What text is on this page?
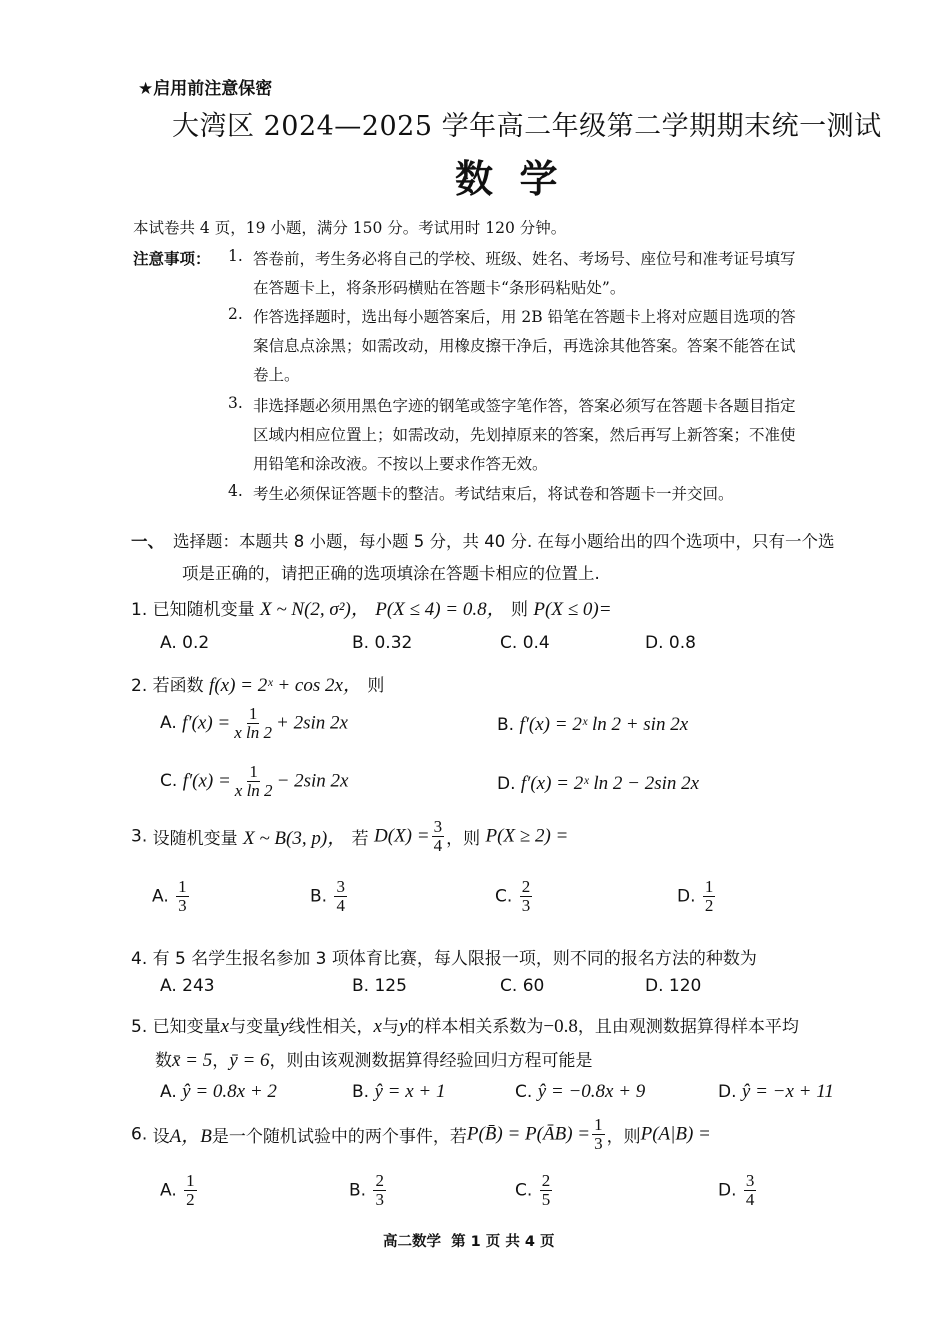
★启用前注意保密
大湾区 2024—2025 学年高二年级第二学期期末统一测试
数  学
本试卷共 4 页，19 小题，满分 150 分。考试用时 120 分钟。
注意事项： 1. 答卷前，考生务必将自己的学校、班级、姓名、考场号、座位号和准考证号填写
在答题卡上，将条形码横贴在答题卡“条形码粘贴处”。
2. 作答选择题时，选出每小题答案后，用 2B 铅笔在答题卡上将对应题目选项的答
案信息点涂黑；如需改动，用橡皮擦干净后，再选涂其他答案。答案不能答在试
卷上。
3. 非选择题必须用黑色字迹的钢笔或签字笔作答，答案必须写在答题卡各题目指定
区域内相应位置上；如需改动，先划掉原来的答案，然后再写上新答案；不准使
用铅笔和涂改液。不按以上要求作答无效。
4. 考生必须保证答题卡的整洁。考试结束后，将试卷和答题卡一并交回。
一、 选择题：本题共 8 小题，每小题 5 分，共 40 分. 在每小题给出的四个选项中，只有一个选
项是正确的，请把正确的选项填涂在答题卡相应的位置上.
1. 已知随机变量 X ~ N(2, σ²)， P(X ≤ 4) = 0.8， 则 P(X ≤ 0)=
A. 0.2	B. 0.32	C. 0.4	D. 0.8
2. 若函数 f(x) = 2ˣ + cos 2x， 则
A. $f'(x) = \frac{1}{\text{x ln 2}} + 2\sin$ 2x	B. f′(x) = 2ˣ ln 2 + sin 2x
C. $f'(x) = \frac{1}{\text{x ln 2}} - 2\sin$ 2x	D. f′(x) = 2ˣ ln 2 − 2sin 2x
3. 设随机变量 X ~ B(3, p)， 若 $D(X) = \frac{3}{4}$ ，则 P(X ≥ 2) =
A. $\frac{1}{3}$	B. $\frac{3}{4}$	C. $\frac{2}{3}$	D. $\frac{1}{2}$
4. 有 5 名学生报名参加 3 项体育比赛，每人限报一项，则不同的报名方法的种数为
A. 243	B. 125	C. 60	D. 120
5. 已知变量x与变量y线性相关，x与y的样本相关系数为−0.8，且由观测数据算得样本平均
数x̄ = 5，ȳ = 6，则由该观测数据算得经验回归方程可能是
A. ŷ = 0.8x + 2	B. ŷ = x + 1	C. ŷ = −0.8x + 9	D. ŷ = −x + 11
6. 设A，B是一个随机试验中的两个事件，若P(B̄) = P(ĀB) = $\frac{1}{3}$ ，则P(A|B) =
A. $\frac{1}{2}$	B. $\frac{2}{3}$	C. $\frac{2}{5}$	D. $\frac{3}{4}$
高二数学  第 1 页 共 4 页
